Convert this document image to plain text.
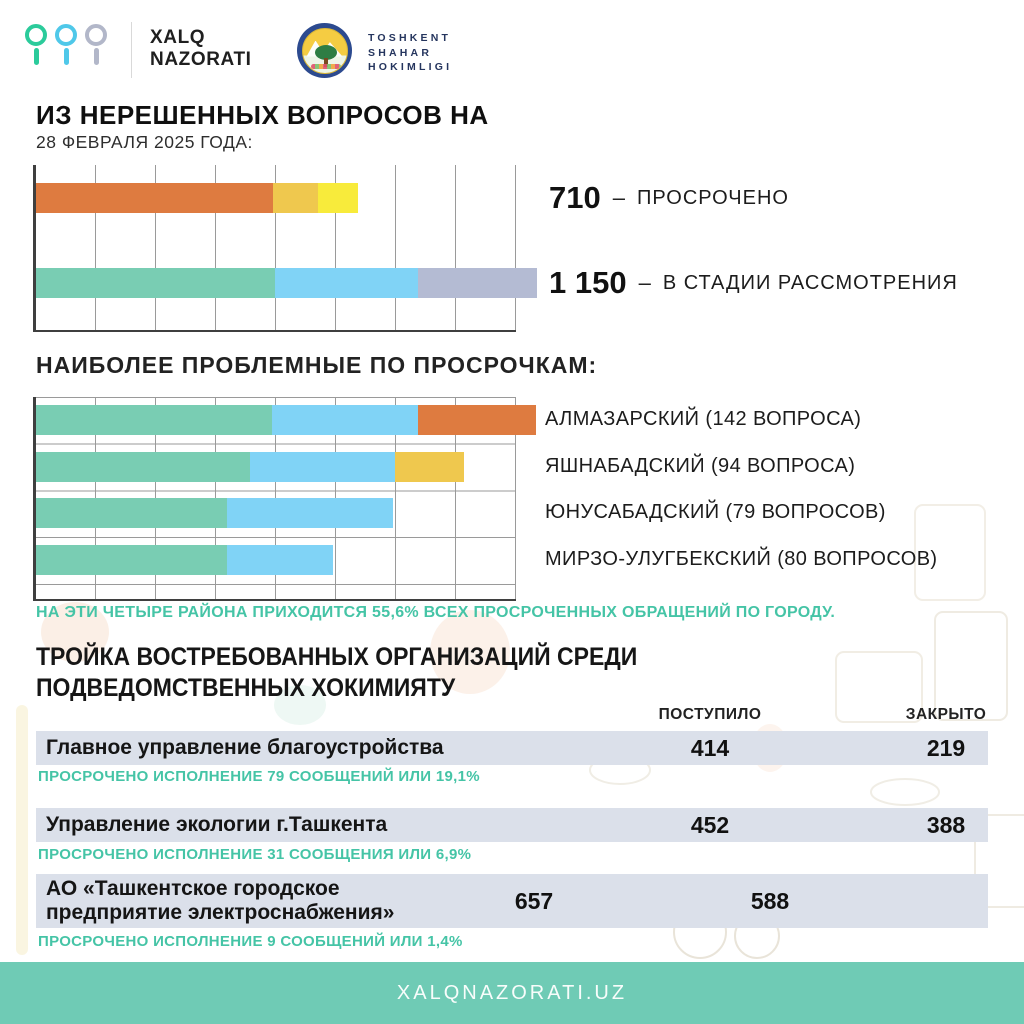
XALQ
NAZORATI
TOSHKENT
SHAHAR
HOKIMLIGI
ИЗ НЕРЕШЕННЫХ ВОПРОСОВ НА
28 ФЕВРАЛЯ 2025 ГОДА:
710 – ПРОСРОЧЕНО
1 150 – В СТАДИИ РАССМОТРЕНИЯ
НАИБОЛЕЕ ПРОБЛЕМНЫЕ ПО ПРОСРОЧКАМ:
АЛМАЗАРСКИЙ (142 ВОПРОСА)
ЯШНАБАДСКИЙ (94 ВОПРОСА)
ЮНУСАБАДСКИЙ (79 ВОПРОСОВ)
МИРЗО-УЛУГБЕКСКИЙ (80 ВОПРОСОВ)
НА ЭТИ ЧЕТЫРЕ РАЙОНА ПРИХОДИТСЯ 55,6% ВСЕХ ПРОСРОЧЕННЫХ ОБРАЩЕНИЙ ПО ГОРОДУ.
ТРОЙКА ВОСТРЕБОВАННЫХ ОРГАНИЗАЦИЙ СРЕДИ ПОДВЕДОМСТВЕННЫХ ХОКИМИЯТУ
ПОСТУПИЛО	ЗАКРЫТО
Главное управление благоустройства	414	219
ПРОСРОЧЕНО ИСПОЛНЕНИЕ 79 СООБЩЕНИЙ ИЛИ 19,1%
Управление экологии г.Ташкента	452	388
ПРОСРОЧЕНО ИСПОЛНЕНИЕ 31 СООБЩЕНИЯ ИЛИ 6,9%
АО «Ташкентское городское предприятие электроснабжения»	657	588
ПРОСРОЧЕНО ИСПОЛНЕНИЕ 9 СООБЩЕНИЙ ИЛИ 1,4%
XALQNAZORATI.UZ
